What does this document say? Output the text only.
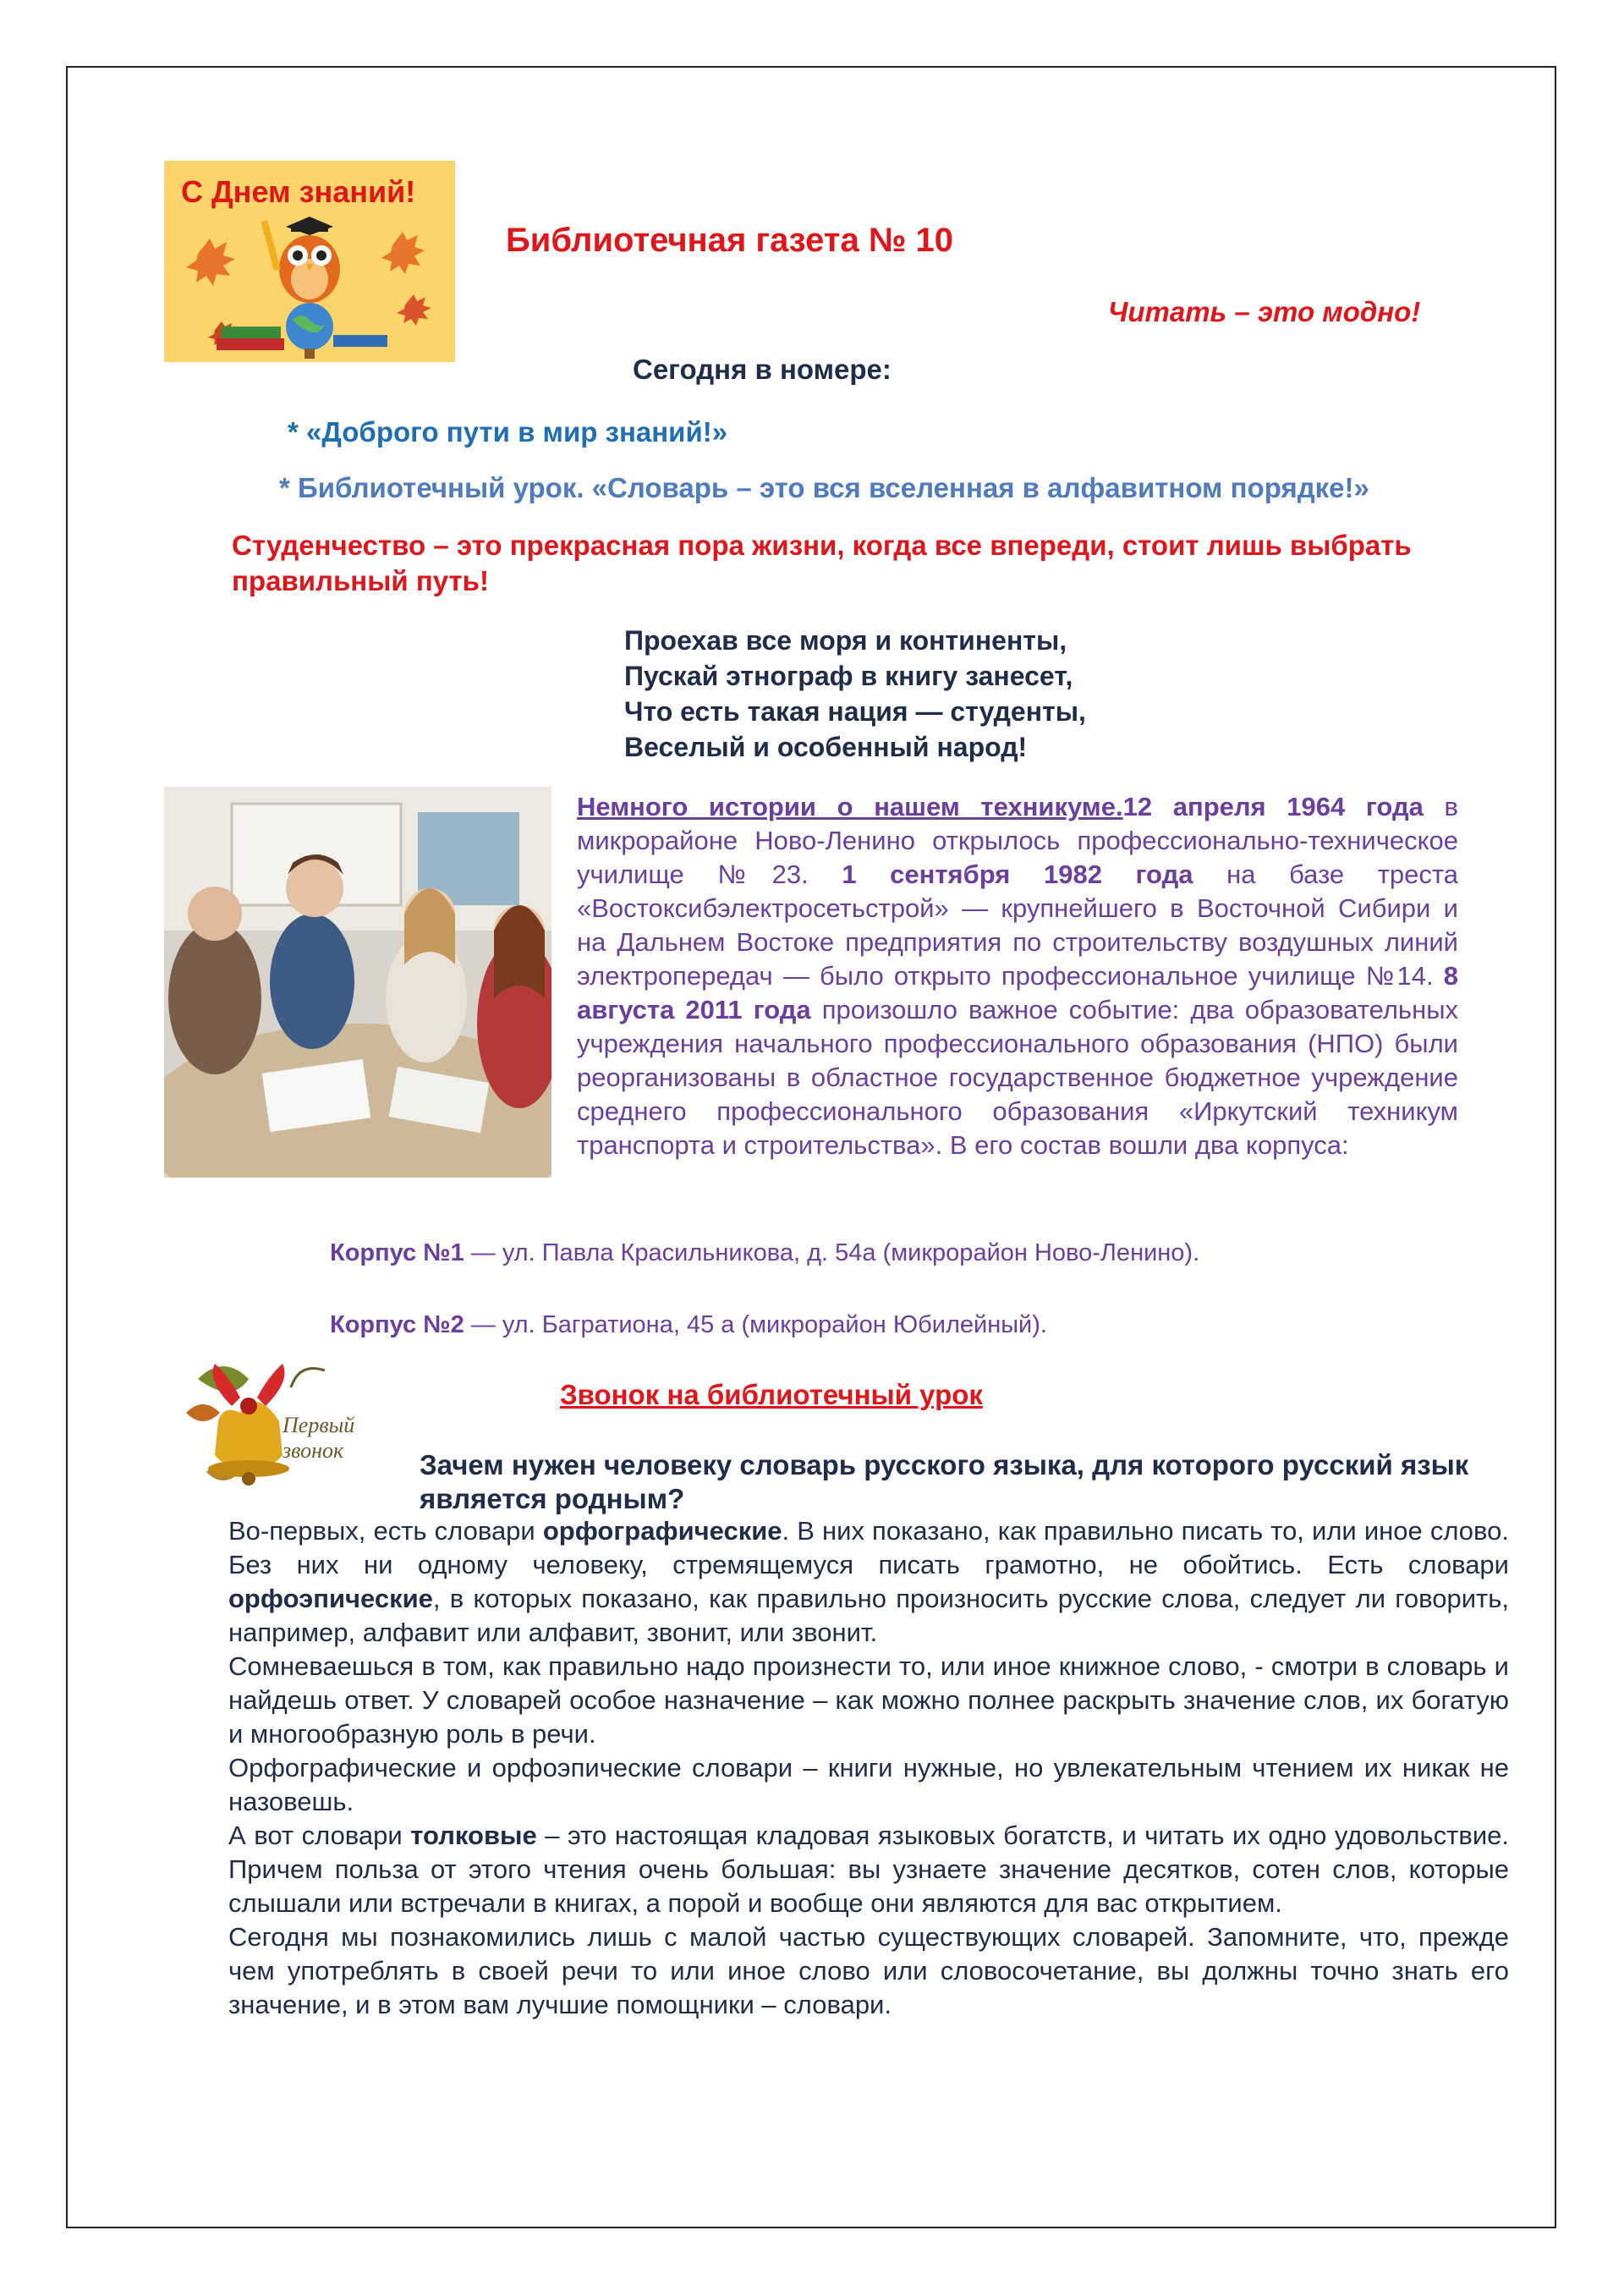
С Днем знаний!
Библиотечная газета № 10
Читать – это модно!
Сегодня в номере:
* «Доброго пути в мир знаний!»
* Библиотечный урок. «Словарь – это вся вселенная в алфавитном порядке!»
Студенчество – это прекрасная пора жизни, когда все впереди, стоит лишь выбрать правильный путь!
Проехав все моря и континенты,
Пускай этнограф в книгу занесет,
Что есть такая нация — студенты,
Веселый и особенный народ!
Немного истории о нашем техникуме.12 апреля 1964 года в микрорайоне Ново-Ленино открылось профессионально-техническое училище №23. 1 сентября 1982 года на базе треста «Востоксибэлектросетьстрой» — крупнейшего в Восточной Сибири и на Дальнем Востоке предприятия по строительству воздушных линий электропередач — было открыто профессиональное училище №14. 8 августа 2011 года произошло важное событие: два образовательных учреждения начального профессионального образования (НПО) были реорганизованы в областное государственное бюджетное учреждение среднего профессионального образования «Иркутский техникум транспорта и строительства». В его состав вошли два корпуса:
Корпус №1 — ул. Павла Красильникова, д. 54а (микрорайон Ново-Ленино).
Корпус №2 — ул. Багратиона, 45 а (микрорайон Юбилейный).
Первый звонок
Звонок на библиотечный урок
Зачем нужен человеку словарь русского языка, для которого русский язык является родным?

Во-первых, есть словари орфографические. В них показано, как правильно писать то, или иное слово. Без них ни одному человеку, стремящемуся писать грамотно, не обойтись. Есть словари орфоэпические, в которых показано, как правильно произносить русские слова, следует ли говорить, например, алфавит или алфавит, звонит, или звонит.

Сомневаешься в том, как правильно надо произнести то, или иное книжное слово, - смотри в словарь и найдешь ответ. У словарей особое назначение – как можно полнее раскрыть значение слов, их богатую и многообразную роль в речи.

Орфографические и орфоэпические словари – книги нужные, но увлекательным чтением их никак не назовешь.

А вот словари толковые – это настоящая кладовая языковых богатств, и читать их одно удовольствие. Причем польза от этого чтения очень большая: вы узнаете значение десятков, сотен слов, которые слышали или встречали в книгах, а порой и вообще они являются для вас открытием.

Сегодня мы познакомились лишь с малой частью существующих словарей. Запомните, что, прежде чем употреблять в своей речи то или иное слово или словосочетание, вы должны точно знать его значение, и в этом вам лучшие помощники – словари.
